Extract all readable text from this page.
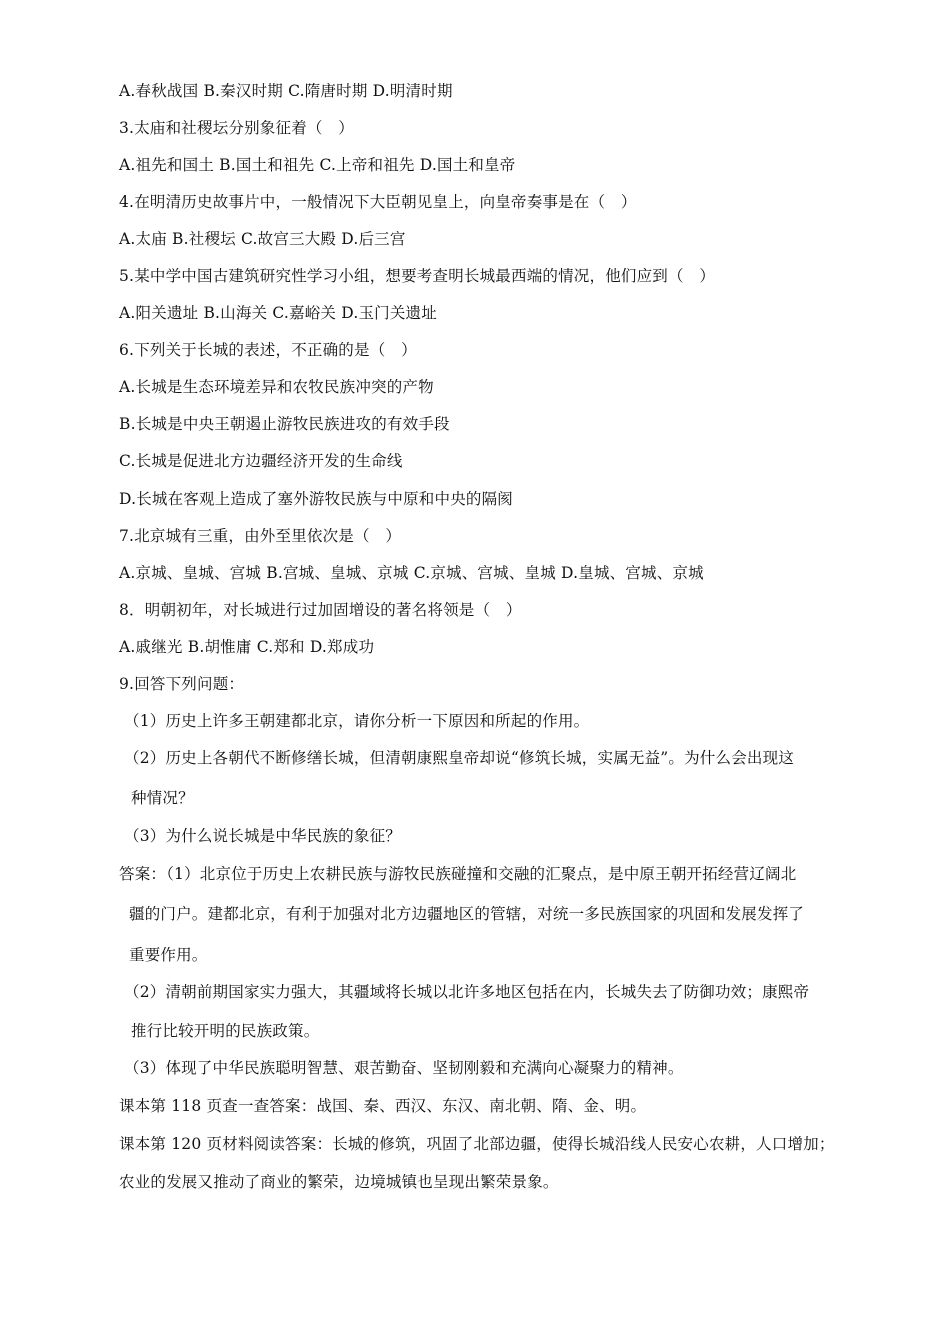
A.春秋战国 B.秦汉时期 C.隋唐时期 D.明清时期
3.太庙和社稷坛分别象征着（　）
A.祖先和国土 B.国土和祖先 C.上帝和祖先 D.国土和皇帝
4.在明清历史故事片中，一般情况下大臣朝见皇上，向皇帝奏事是在（　）
A.太庙 B.社稷坛 C.故宫三大殿 D.后三宫
5.某中学中国古建筑研究性学习小组，想要考查明长城最西端的情况，他们应到（　）
A.阳关遗址 B.山海关 C.嘉峪关 D.玉门关遗址
6.下列关于长城的表述，不正确的是（　）
A.长城是生态环境差异和农牧民族冲突的产物
B.长城是中央王朝遏止游牧民族进攻的有效手段
C.长城是促进北方边疆经济开发的生命线
D.长城在客观上造成了塞外游牧民族与中原和中央的隔阂
7.北京城有三重，由外至里依次是（　）
A.京城、皇城、宫城 B.宫城、皇城、京城 C.京城、宫城、皇城 D.皇城、宫城、京城
8．明朝初年，对长城进行过加固增设的著名将领是（　）
A.戚继光 B.胡惟庸 C.郑和 D.郑成功
9.回答下列问题：
（1）历史上许多王朝建都北京，请你分析一下原因和所起的作用。
（2）历史上各朝代不断修缮长城，但清朝康熙皇帝却说“修筑长城，实属无益”。为什么会出现这
种情况？
（3）为什么说长城是中华民族的象征？
答案：（1）北京位于历史上农耕民族与游牧民族碰撞和交融的汇聚点，是中原王朝开拓经营辽阔北
疆的门户。建都北京，有利于加强对北方边疆地区的管辖，对统一多民族国家的巩固和发展发挥了
重要作用。
（2）清朝前期国家实力强大，其疆域将长城以北许多地区包括在内，长城失去了防御功效；康熙帝
推行比较开明的民族政策。
（3）体现了中华民族聪明智慧、艰苦勤奋、坚韧刚毅和充满向心凝聚力的精神。
课本第 118 页查一查答案：战国、秦、西汉、东汉、南北朝、隋、金、明。
课本第 120 页材料阅读答案：长城的修筑，巩固了北部边疆，使得长城沿线人民安心农耕，人口增加；
农业的发展又推动了商业的繁荣，边境城镇也呈现出繁荣景象。
